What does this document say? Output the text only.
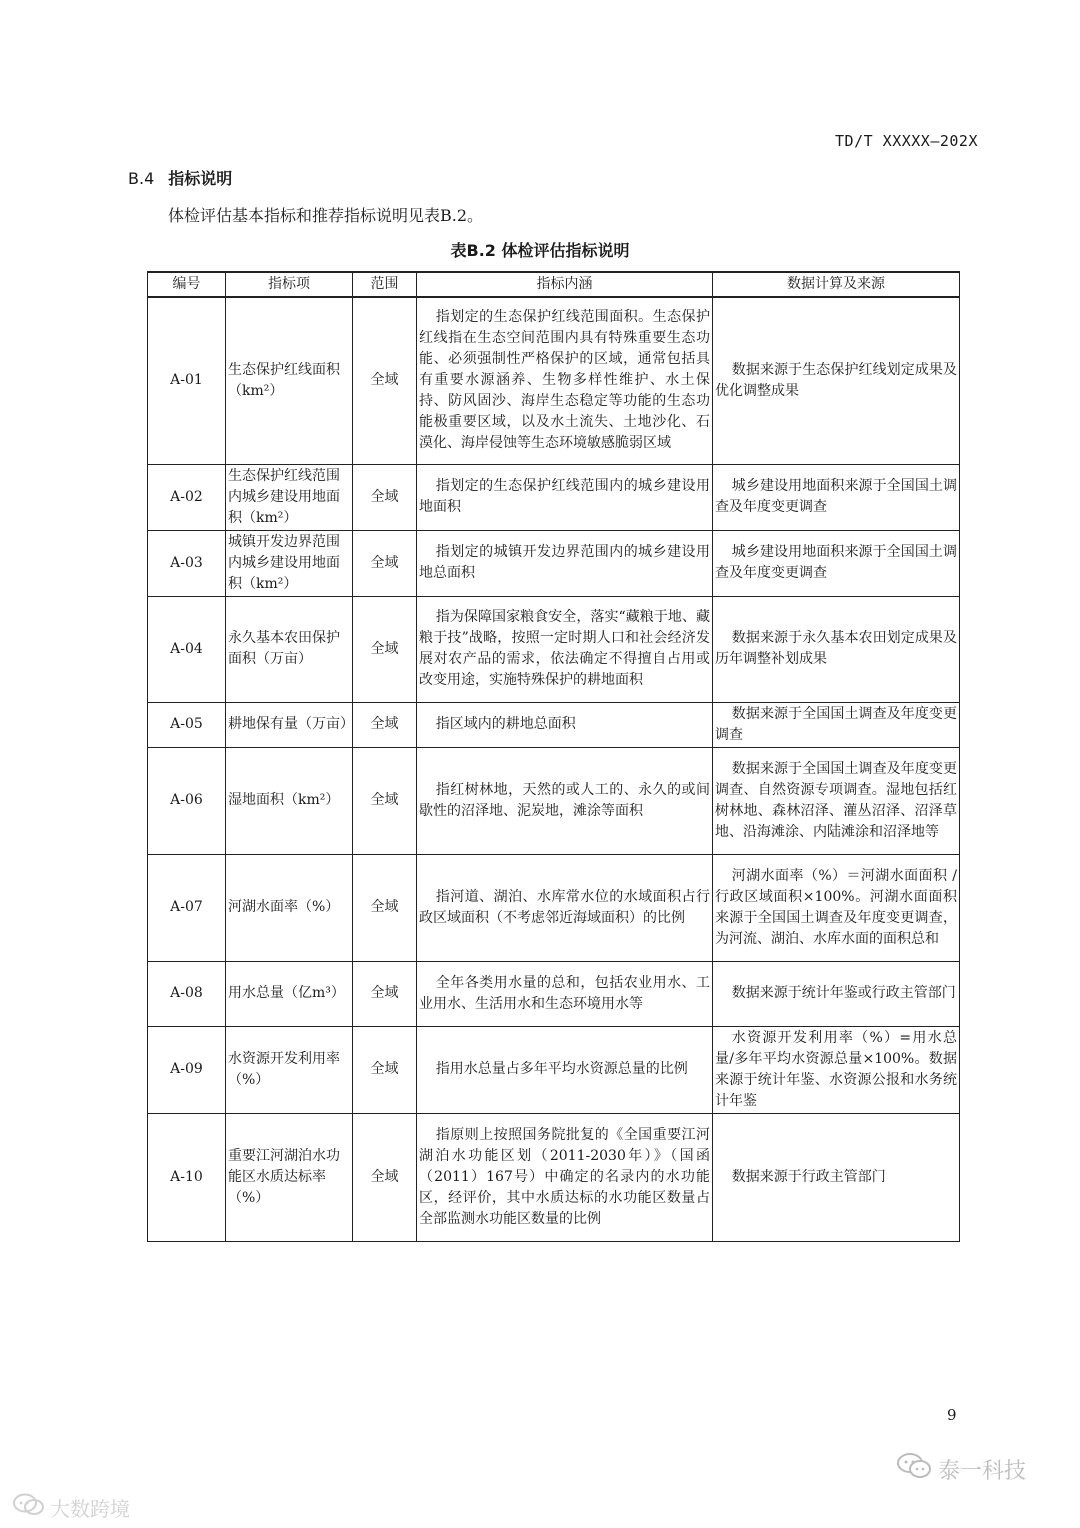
TD/T XXXXX—202X
B.4 指标说明
体检评估基本指标和推荐指标说明见表B.2。
表B.2 体检评估指标说明
编号	指标项	范围	指标内涵	数据计算及来源
A-01	生态保护红线面积（km²）	全域	指划定的生态保护红线范围面积。生态保护红线指在生态空间范围内具有特殊重要生态功能、必须强制性严格保护的区域，通常包括具有重要水源涵养、生物多样性维护、水土保持、防风固沙、海岸生态稳定等功能的生态功能极重要区域，以及水土流失、土地沙化、石漠化、海岸侵蚀等生态环境敏感脆弱区域	数据来源于生态保护红线划定成果及优化调整成果
A-02	生态保护红线范围内城乡建设用地面积（km²）	全域	指划定的生态保护红线范围内的城乡建设用地面积	城乡建设用地面积来源于全国国土调查及年度变更调查
A-03	城镇开发边界范围内城乡建设用地面积（km²）	全域	指划定的城镇开发边界范围内的城乡建设用地总面积	城乡建设用地面积来源于全国国土调查及年度变更调查
A-04	永久基本农田保护面积（万亩）	全域	指为保障国家粮食安全，落实“藏粮于地、藏粮于技”战略，按照一定时期人口和社会经济发展对农产品的需求，依法确定不得擅自占用或改变用途，实施特殊保护的耕地面积	数据来源于永久基本农田划定成果及历年调整补划成果
A-05	耕地保有量（万亩）	全域	指区域内的耕地总面积	数据来源于全国国土调查及年度变更调查
A-06	湿地面积（km²）	全域	指红树林地，天然的或人工的、永久的或间歇性的沼泽地、泥炭地，滩涂等面积	数据来源于全国国土调查及年度变更调查、自然资源专项调查。湿地包括红树林地、森林沼泽、灌丛沼泽、沼泽草地、沿海滩涂、内陆滩涂和沼泽地等
A-07	河湖水面率（%）	全域	指河道、湖泊、水库常水位的水域面积占行政区域面积（不考虑邻近海域面积）的比例	河湖水面率（%）＝河湖水面面积 / 行政区域面积×100%。河湖水面面积来源于全国国土调查及年度变更调查，为河流、湖泊、水库水面的面积总和
A-08	用水总量（亿m³）	全域	全年各类用水量的总和，包括农业用水、工业用水、生活用水和生态环境用水等	数据来源于统计年鉴或行政主管部门
A-09	水资源开发利用率（%）	全域	指用水总量占多年平均水资源总量的比例	水资源开发利用率（%）=用水总量/多年平均水资源总量×100%。数据来源于统计年鉴、水资源公报和水务统计年鉴
A-10	重要江河湖泊水功能区水质达标率（%）	全域	指原则上按照国务院批复的《全国重要江河湖泊水功能区划（2011-2030年）》（国函（2011）167号）中确定的名录内的水功能区，经评价，其中水质达标的水功能区数量占全部监测水功能区数量的比例	数据来源于行政主管部门
9
大数跨境
泰一科技
